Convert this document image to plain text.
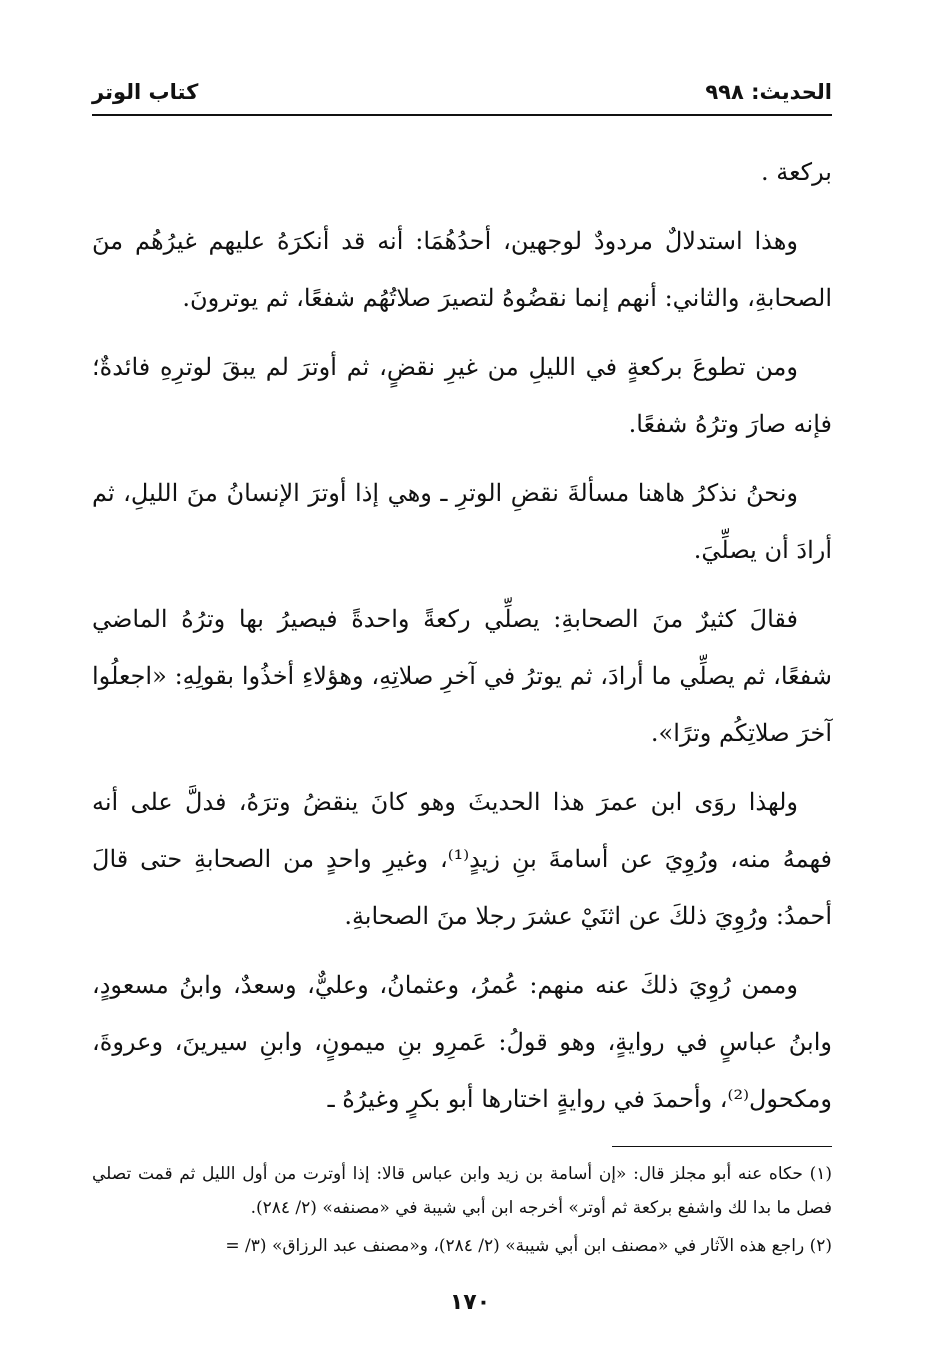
الحديث: ٩٩٨
كتاب الوتر

بركعة .

وهذا استدلالٌ مردودٌ لوجهين، أحدُهُمَا: أنه قد أنكرَهُ عليهم غيرُهُم منَ الصحابةِ، والثاني: أنهم إنما نقضُوهُ لتصيرَ صلاتُهُم شفعًا، ثم يوترونَ.

ومن تطوعَ بركعةٍ في الليلِ من غيرِ نقضٍ، ثم أوترَ لم يبقَ لوترِهِ فائدةٌ؛ فإنه صارَ وترُهُ شفعًا.

ونحنُ نذكرُ هاهنا مسألةَ نقضِ الوترِ ـ وهي إذا أوترَ الإنسانُ منَ الليلِ، ثم أرادَ أن يصلِّيَ.

فقالَ كثيرٌ منَ الصحابةِ: يصلِّي ركعةً واحدةً فيصيرُ بها وترُهُ الماضي شفعًا، ثم يصلِّي ما أرادَ، ثم يوترُ في آخرِ صلاتِهِ، وهؤلاءِ أخذُوا بقولِهِ: «اجعلُوا آخرَ صلاتِكُم وترًا».

ولهذا روَى ابن عمرَ هذا الحديثَ وهو كانَ ينقضُ وترَهُ، فدلَّ على أنه فهمهُ منه، ورُوِيَ عن أسامةَ بنِ زيدٍ⁽¹⁾، وغيرِ واحدٍ من الصحابةِ حتى قالَ أحمدُ: ورُوِيَ ذلكَ عن اثنَيْ عشرَ رجلا منَ الصحابةِ.

وممن رُوِيَ ذلكَ عنه منهم: عُمرُ، وعثمانُ، وعليٌّ، وسعدٌ، وابنُ مسعودٍ، وابنُ عباسٍ في روايةٍ، وهو قولُ: عَمرِو بنِ ميمونٍ، وابنِ سيرينَ، وعروةَ، ومكحول⁽²⁾، وأحمدَ في روايةٍ اختارها أبو بكرٍ وغيرُهُ ـ

(١) حكاه عنه أبو مجلز قال: «إن أسامة بن زيد وابن عباس قالا: إذا أوترت من أول الليل ثم قمت تصلي فصل ما بدا لك واشفع بركعة ثم أوتر» أخرجه ابن أبي شيبة في «مصنفه» (٢/ ٢٨٤).

(٢) راجع هذه الآثار في «مصنف ابن أبي شيبة» (٢/ ٢٨٤)، و«مصنف عبد الرزاق» (٣/ =

١٧٠
